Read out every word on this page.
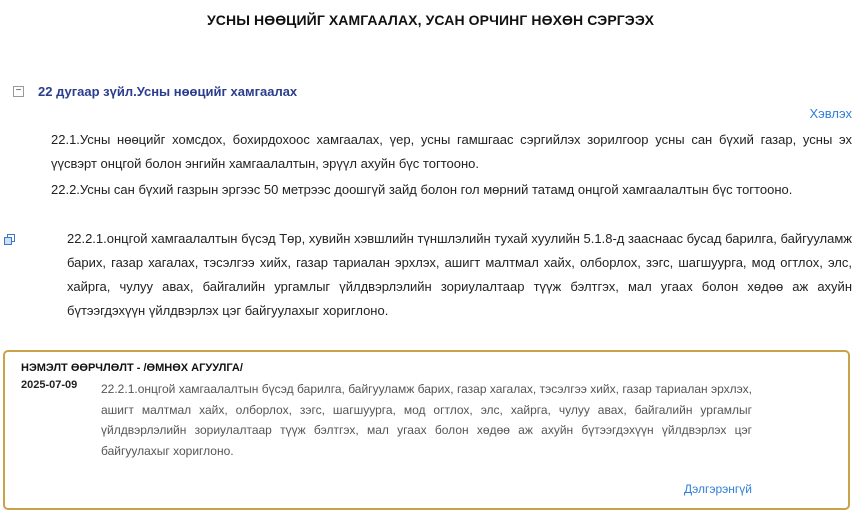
УСНЫ НӨӨЦИЙГ ХАМГААЛАХ, УСАН ОРЧИНГ НӨХӨН СЭРГЭЭХ
− 22 дугаар зүйл.Усны нөөцийг хамгаалах
Хэвлэх
22.1.Усны нөөцийг хомсдох, бохирдохоос хамгаалах, үер, усны гамшгаас сэргийлэх зорилгоор усны сан бүхий газар, усны эх үүсвэрт онцгой болон энгийн хамгаалалтын, эрүүл ахуйн бүс тогтооно.
22.2.Усны сан бүхий газрын эргээс 50 метрээс доошгүй зайд болон гол мөрний татамд онцгой хамгаалалтын бүс тогтооно.
22.2.1.онцгой хамгаалалтын бүсэд Төр, хувийн хэвшлийн түншлэлийн тухай хуулийн 5.1.8-д зааснаас бусад барилга, байгууламж барих, газар хагалах, тэсэлгээ хийх, газар тариалан эрхлэх, ашигт малтмал хайх, олборлох, зэгс, шагшуурга, мод огтлох, элс, хайрга, чулуу авах, байгалийн ургамлыг үйлдвэрлэлийн зориулалтаар түүж бэлтгэх, мал угаах болон хөдөө аж ахуйн бүтээгдэхүүн үйлдвэрлэх цэг байгуулахыг хориглоно.
НЭМЭЛТ ӨӨРЧЛӨЛТ - /ӨМНӨХ АГУУЛГА/
2025-07-09 22.2.1.онцгой хамгаалалтын бүсэд барилга, байгууламж барих, газар хагалах, тэсэлгээ хийх, газар тариалан эрхлэх, ашигт малтмал хайх, олборлох, зэгс, шагшуурга, мод огтлох, элс, хайрга, чулуу авах, байгалийн ургамлыг үйлдвэрлэлийн зориулалтаар түүж бэлтгэх, мал угаах болон хөдөө аж ахуйн бүтээгдэхүүн үйлдвэрлэх цэг байгуулахыг хориглоно.
Дэлгэрэнгүй
